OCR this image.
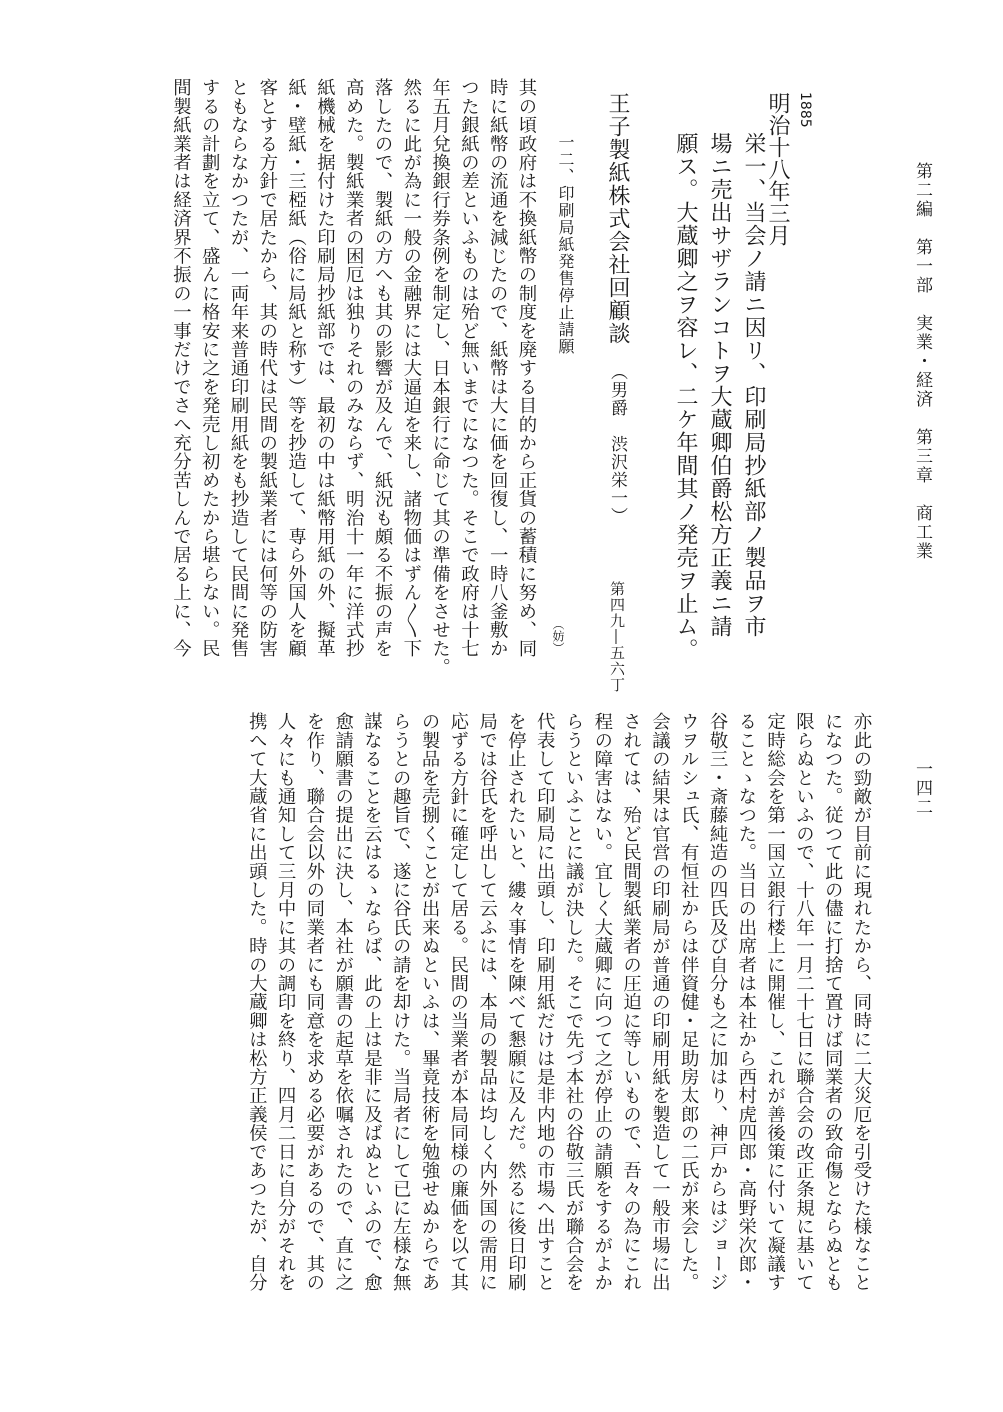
第二編　第一部　実業・経済　第三章　商工業
一四二
1885
明治十八年三月

栄一、当会ノ請ニ因リ、印刷局抄紙部ノ製品ヲ市

場ニ売出サザランコトヲ大蔵卿伯爵松方正義ニ請

願ス。大蔵卿之ヲ容レ、二ケ年間其ノ発売ヲ止ム。

王子製紙株式会社回顧談 （男爵　渋沢栄一） 第四九―五六丁
一二、印刷局紙発售停止請願

其の頃政府は不換紙幣の制度を廃する目的から正貨の蓄積に努め、同

時に紙幣の流通を減じたので、紙幣は大に価を回復し、一時八釜敷か

つた銀紙の差といふものは殆ど無いまでになつた。そこで政府は十七

年五月兌換銀行券条例を制定し、日本銀行に命じて其の準備をさせた。

然るに此が為に一般の金融界には大逼迫を来し、諸物価はずん〳〵下

落したので、製紙の方へも其の影響が及んで、紙況も頗る不振の声を

高めた。製紙業者の困厄は独りそれのみならず、明治十一年に洋式抄

紙機械を据付けた印刷局抄紙部では、最初の中は紙幣用紙の外、擬革

紙・壁紙・三椏紙（俗に局紙と称す）等を抄造して、専ら外国人を顧

客とする方針で居たから、其の時代は民間の製紙業者には何等の防害

ともならなかつたが、一両年来普通印刷用紙をも抄造して民間に発售

するの計劃を立て、盛んに格安に之を発売し初めたから堪らない。民

間製紙業者は経済界不振の一事だけでさへ充分苦しんで居る上に、今	（妨）

亦此の勁敵が目前に現れたから、同時に二大災厄を引受けた様なこと

になつた。従つて此の儘に打捨て置けば同業者の致命傷とならぬとも

限らぬといふので、十八年一月二十七日に聯合会の改正条規に基いて

定時総会を第一国立銀行楼上に開催し、これが善後策に付いて凝議す

ることゝなつた。当日の出席者は本社から西村虎四郎・高野栄次郎・

谷敬三・斎藤純造の四氏及び自分も之に加はり、神戸からはジョージ

ウヲルシュ氏、有恒社からは伴資健・足助房太郎の二氏が来会した。

会議の結果は官営の印刷局が普通の印刷用紙を製造して一般市場に出

されては、殆ど民間製紙業者の圧迫に等しいもので、吾々の為にこれ

程の障害はない。宜しく大蔵卿に向つて之が停止の請願をするがよか

らうといふことに議が決した。そこで先づ本社の谷敬三氏が聯合会を

代表して印刷局に出頭し、印刷用紙だけは是非内地の市場へ出すこと

を停止されたいと、縷々事情を陳べて懇願に及んだ。然るに後日印刷

局では谷氏を呼出して云ふには、本局の製品は均しく内外国の需用に

応ずる方針に確定して居る。民間の当業者が本局同様の廉価を以て其

の製品を売捌くことが出来ぬといふは、畢竟技術を勉強せぬからであ

らうとの趣旨で、遂に谷氏の請を却けた。当局者にして已に左様な無

謀なることを云はるゝならば、此の上は是非に及ばぬといふので、愈

愈請願書の提出に決し、本社が願書の起草を依嘱されたので、直に之

を作り、聯合会以外の同業者にも同意を求める必要があるので、其の

人々にも通知して三月中に其の調印を終り、四月二日に自分がそれを

携へて大蔵省に出頭した。時の大蔵卿は松方正義侯であつたが、自分
